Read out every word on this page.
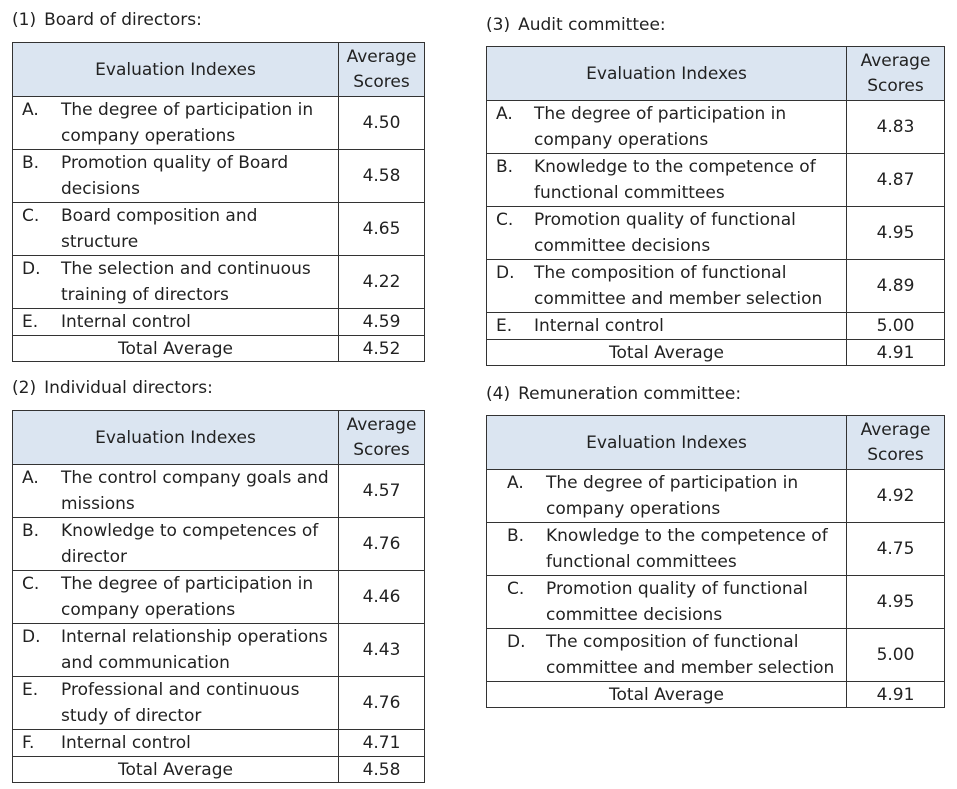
(1) Board of directors:
Evaluation Indexes	Average
Scores

A. The degree of participation in
company operations	4.50

B. Promotion quality of Board
decisions	4.58

C. Board composition and
structure	4.65

D. The selection and continuous
training of directors	4.22

E. Internal control	4.59
Total Average	4.52
(2) Individual directors:
Evaluation Indexes	Average
Scores

A. The control company goals and
missions	4.57

B. Knowledge to competences of
director	4.76

C. The degree of participation in
company operations	4.46

D. Internal relationship operations
and communication	4.43

E. Professional and continuous
study of director	4.76

F. Internal control	4.71
Total Average	4.58
(3) Audit committee:
Evaluation Indexes	Average
Scores

A. The degree of participation in
company operations	4.83

B. Knowledge to the competence of
functional committees	4.87

C. Promotion quality of functional
committee decisions	4.95

D. The composition of functional
committee and member selection	4.89

E. Internal control	5.00
Total Average	4.91
(4) Remuneration committee:
Evaluation Indexes	Average
Scores

A. The degree of participation in
company operations	4.92

B. Knowledge to the competence of
functional committees	4.75

C. Promotion quality of functional
committee decisions	4.95

D. The composition of functional
committee and member selection	5.00
Total Average	4.91
